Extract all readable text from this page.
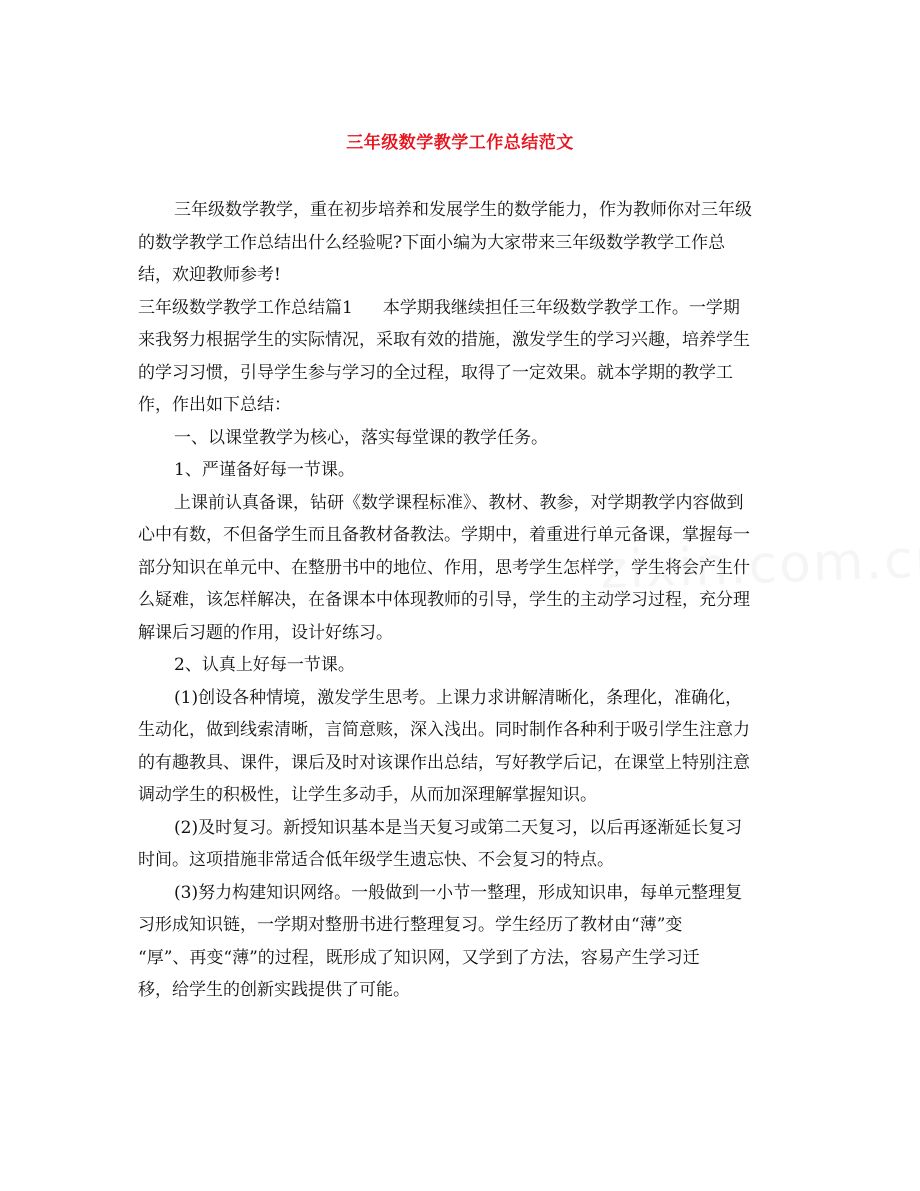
三年级数学教学工作总结范文
三年级数学教学，重在初步培养和发展学生的数学能力，作为教师你对三年级
的数学教学工作总结出什么经验呢?下面小编为大家带来三年级数学教学工作总
结，欢迎教师参考!
三年级数学教学工作总结篇1 本学期我继续担任三年级数学教学工作。一学期
来我努力根据学生的实际情况，采取有效的措施，激发学生的学习兴趣，培养学生
的学习习惯，引导学生参与学习的全过程，取得了一定效果。就本学期的教学工
作，作出如下总结：
一、以课堂教学为核心，落实每堂课的教学任务。
1、严谨备好每一节课。
上课前认真备课，钻研《数学课程标准》、教材、教参，对学期教学内容做到
心中有数，不但备学生而且备教材备教法。学期中，着重进行单元备课，掌握每一
部分知识在单元中、在整册书中的地位、作用，思考学生怎样学，学生将会产生什
么疑难，该怎样解决，在备课本中体现教师的引导，学生的主动学习过程，充分理
解课后习题的作用，设计好练习。
2、认真上好每一节课。
(1)创设各种情境，激发学生思考。上课力求讲解清晰化，条理化，准确化，
生动化，做到线索清晰，言简意赅，深入浅出。同时制作各种利于吸引学生注意力
的有趣教具、课件，课后及时对该课作出总结，写好教学后记，在课堂上特别注意
调动学生的积极性，让学生多动手，从而加深理解掌握知识。
(2)及时复习。新授知识基本是当天复习或第二天复习，以后再逐渐延长复习
时间。这项措施非常适合低年级学生遗忘快、不会复习的特点。
(3)努力构建知识网络。一般做到一小节一整理，形成知识串，每单元整理复
习形成知识链，一学期对整册书进行整理复习。学生经历了教材由“薄”变
“厚”、再变“薄”的过程，既形成了知识网，又学到了方法，容易产生学习迁
移，给学生的创新实践提供了可能。
